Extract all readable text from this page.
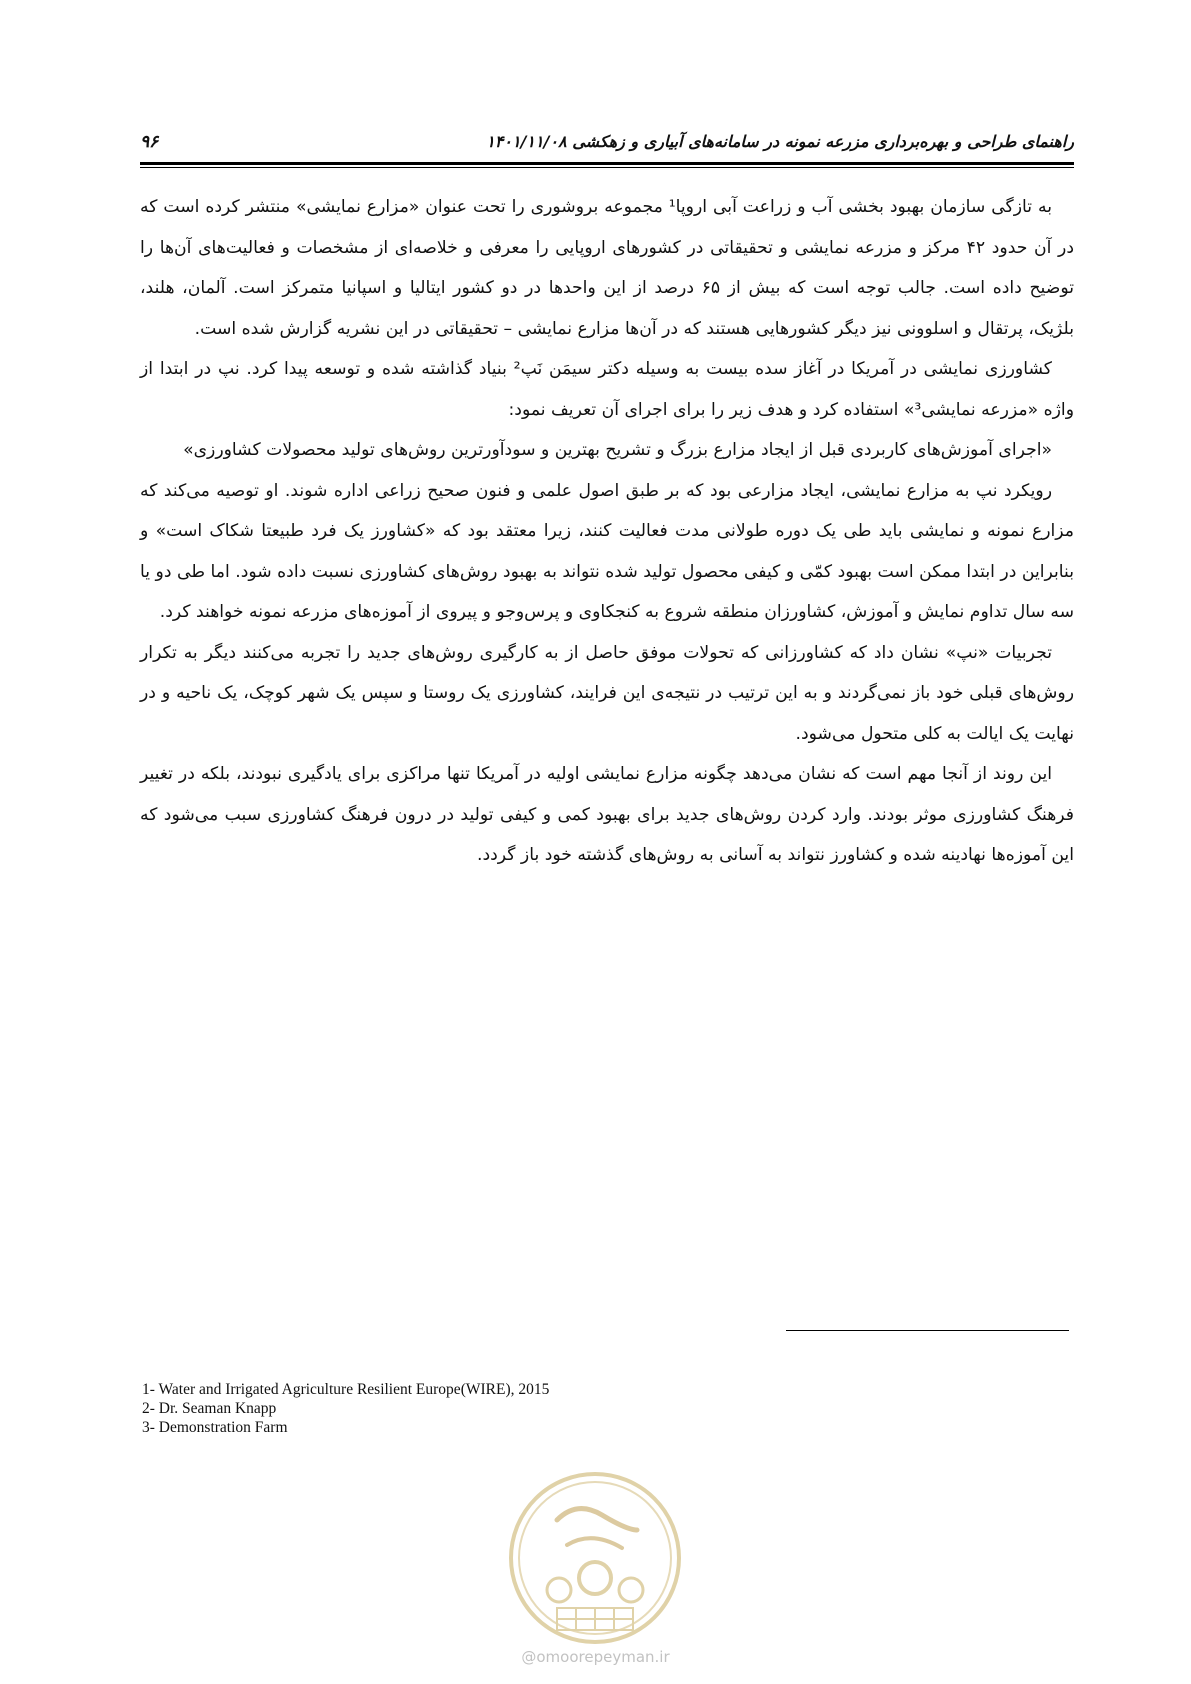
۹۶	راهنمای طراحی و بهره‌برداری مزرعه نمونه در سامانه‌های آبیاری و زهکشی ۱۴۰۱/۱۱/۰۸

به تازگی سازمان بهبود بخشی آب و زراعت آبی اروپا¹ مجموعه بروشوری را تحت عنوان «مزارع نمایشی» منتشر کرده است که در آن حدود ۴۲ مرکز و مزرعه نمایشی و تحقیقاتی در کشورهای اروپایی را معرفی و خلاصه‌ای از مشخصات و فعالیت‌های آن‌ها را توضیح داده است. جالب توجه است که بیش از ۶۵ درصد از این واحدها در دو کشور ایتالیا و اسپانیا متمرکز است. آلمان، هلند، بلژیک، پرتقال و اسلوونی نیز دیگر کشورهایی هستند که در آن‌ها مزارع نمایشی – تحقیقاتی در این نشریه گزارش شده است.

کشاورزی نمایشی در آمریکا در آغاز سده بیست به وسیله دکتر سیمَن نَپ² بنیاد گذاشته شده و توسعه پیدا کرد. نپ در ابتدا از واژه «مزرعه نمایشی³» استفاده کرد و هدف زیر را برای اجرای آن تعریف نمود:

«اجرای آموزش‌های کاربردی قبل از ایجاد مزارع بزرگ و تشریح بهترین و سودآورترین روش‌های تولید محصولات کشاورزی»

رویکرد نپ به مزارع نمایشی، ایجاد مزارعی بود که بر طبق اصول علمی و فنون صحیح زراعی اداره شوند. او توصیه می‌کند که مزارع نمونه و نمایشی باید طی یک دوره طولانی مدت فعالیت کنند، زیرا معتقد بود که «کشاورز یک فرد طبیعتا شکاک است» و بنابراین در ابتدا ممکن است بهبود کمّی و کیفی محصول تولید شده نتواند به بهبود روش‌های کشاورزی نسبت داده شود. اما طی دو یا سه سال تداوم نمایش و آموزش، کشاورزان منطقه شروع به کنجکاوی و پرس‌وجو و پیروی از آموزه‌های مزرعه نمونه خواهند کرد.

تجربیات «نپ» نشان داد که کشاورزانی که تحولات موفق حاصل از به کارگیری روش‌های جدید را تجربه می‌کنند دیگر به تکرار روش‌های قبلی خود باز نمی‌گردند و به این ترتیب در نتیجه‌ی این فرایند، کشاورزی یک روستا و سپس یک شهر کوچک، یک ناحیه و در نهایت یک ایالت به کلی متحول می‌شود.

این روند از آنجا مهم است که نشان می‌دهد چگونه مزارع نمایشی اولیه در آمریکا تنها مراکزی برای یادگیری نبودند، بلکه در تغییر فرهنگ کشاورزی موثر بودند. وارد کردن روش‌های جدید برای بهبود کمی و کیفی تولید در درون فرهنگ کشاورزی سبب می‌شود که این آموزه‌ها نهادینه شده و کشاورز نتواند به آسانی به روش‌های گذشته خود باز گردد.

1- Water and Irrigated Agriculture Resilient Europe(WIRE), 2015
2- Dr. Seaman Knapp
3- Demonstration Farm
@omoorepeyman.ir
